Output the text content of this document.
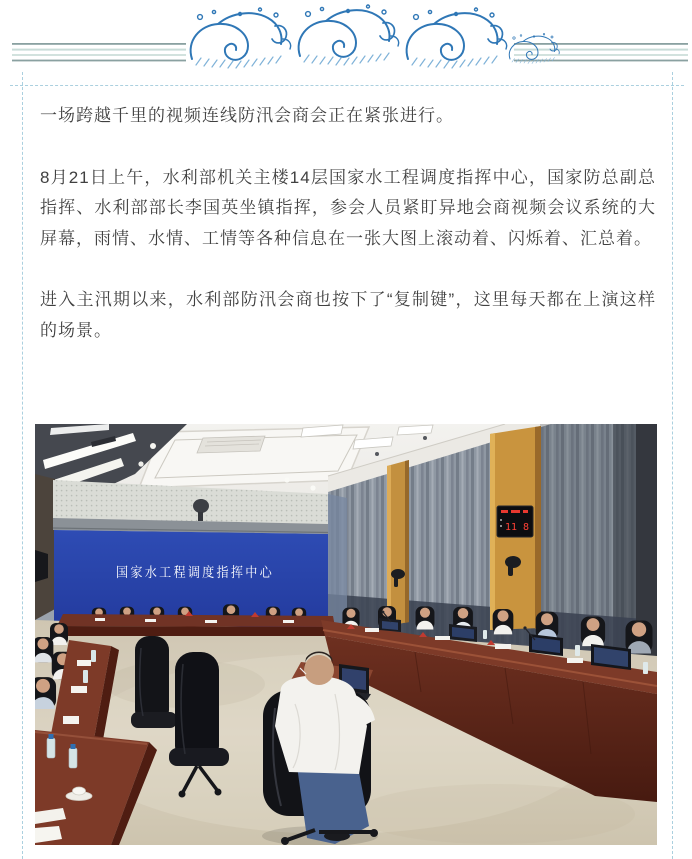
一场跨越千里的视频连线防汛会商会正在紧张进行。

8月21日上午，水利部机关主楼14层国家水工程调度指挥中心，国家防总副总指挥、水利部部长李国英坐镇指挥，参会人员紧盯异地会商视频会议系统的大屏幕，雨情、水情、工情等各种信息在一张大图上滚动着、闪烁着、汇总着。

进入主汛期以来，水利部防汛会商也按下了“复制键”，这里每天都在上演这样的场景。

11 8
国家水工程调度指挥中心
